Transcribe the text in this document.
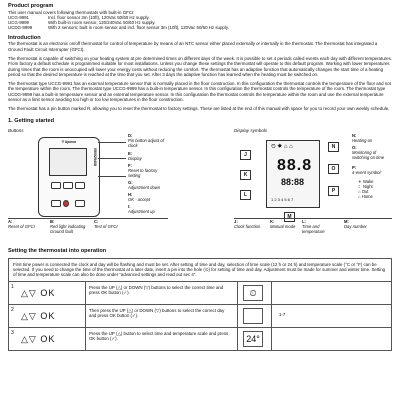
Product program
This user manual covers following thermostats with built-in GFCI:
UCG-9991	Incl. floor sensor 3m (10ft), 120Vac 50/60 Hz supply.
UCG-9999	With built-in room sensor, 120/240Vac 50/60 Hz supply.
UCDG-9999	With 2 sensors; built in room sensor and incl. floor sensor 3m (10ft), 120Vac 50/60 Hz supply.
Introduction
The thermostat is an electronic on/off thermostat for control of temperature by means of an NTC sensor either placed externally or internally in the thermostat. The thermostat has integrated a Ground Fault Circuit Interrupter (GFCI).
The thermostat is capable of switching on your heating system at pre determined times on different days of the week. It is possible to set 4 periods called events each day with different temperatures. From factory a default schedule is programmed suitable for most installations. Unless you change these settings the thermostat will operate to this default program. Working with lower temperatures during times that the room is unoccupied will lower your energy costs without reducing the comfort. The thermostat has an adaptive function that automatically changes the start time of a heating period so that the desired temperature is reached at the time that you set. After 3 days the adaptive function has learned when the heating must be switched on.
The thermostat type UCCG-9991 has an external temperature sensor that is normally placed in the floor construction. In this configuration the thermostat controls the temperature of the floor and not the temperature within the room. The thermostat type UCCG-9999 has a built-in temperature sensor. In this configuration the thermostat controls the temperature of the room. The thermostat type UCDG-9999 has a built-in temperature sensor and an external temperature sensor. In this configuration the thermostat controls the temperature within the room and use the external temperature sensor as a limit sensor avoiding too high or too low temperatures in the floor construction.
The thermostat has a pin button marked R, allowing you to reset the thermostat to factory settings. These are listed at the end of this manual with space for you to record your own weekly schedule.
1. Getting started
Buttons	Display symbols
® Uponor
050925408
D:
Pin button adjust of clock
E:
Display
F:
Reset to factory setting
G:
Adjustment down
H:
OK - accept
I:
Adjustment up
A:
Reset of GFCI
B:
Red light indicating Ground fault
C:
Test of GFCI
⏲ ☀ ⌂ ⌂
88.8
88:88
1 2 3 4 5 6 7
J
K
L
M
N
O
P
N:
Heating on
O:
Monitoring of switching on time
P:
4-event symbol:
☀ Wake
☾ Night
⌂ Out
⌂ Home
J:
Clock function
K:
Manual mode
L:
Time and temperature
M:
Day number
Setting the thermostat into operation
First time power is connected the clock and day will be flashing and must be set. After setting of time and day, selection of time scale (12 h or 24 h) and temperature scale (°C or °F) can be selected. If you need to change the time of the thermostat at a later date, insert a pin into the hole (⊙) for setting of time and day. Adjustment must be made for summer and winter time. Setting of time and temperature scale can also be done under “advanced settings and read out sec 4”.
1
△▽ OK
Press the UP (△) or DOWN (▽) buttons to select the correct time and press OK button (✓).	⏲
2
△▽ OK
Then press the UP (△) or DOWN (▽) buttons to select the correct day and press OK button (✓).	1-7
3
△▽ OK
Press the UP (△) button to select time and temperature scale and press OK button (✓).	24°
